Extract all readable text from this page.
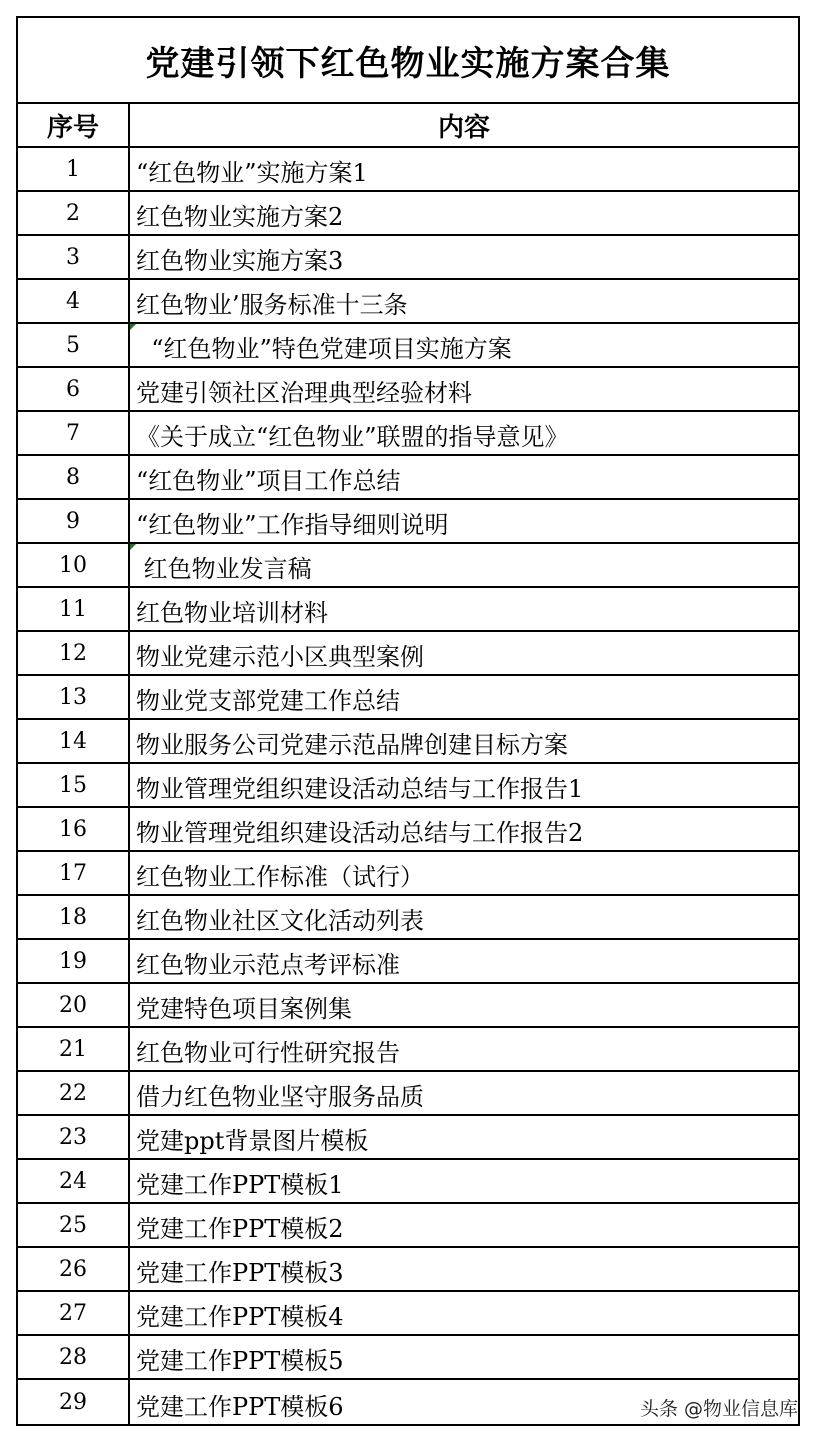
党建引领下红色物业实施方案合集
序号	内容
1	“红色物业”实施方案1
2	红色物业实施方案2
3	红色物业实施方案3
4	红色物业’服务标准十三条
5	“红色物业”特色党建项目实施方案
6	党建引领社区治理典型经验材料
7	《关于成立“红色物业”联盟的指导意见》
8	“红色物业”项目工作总结
9	“红色物业”工作指导细则说明
10	红色物业发言稿
11	红色物业培训材料
12	物业党建示范小区典型案例
13	物业党支部党建工作总结
14	物业服务公司党建示范品牌创建目标方案
15	物业管理党组织建设活动总结与工作报告1
16	物业管理党组织建设活动总结与工作报告2
17	红色物业工作标准（试行）
18	红色物业社区文化活动列表
19	红色物业示范点考评标准
20	党建特色项目案例集
21	红色物业可行性研究报告
22	借力红色物业坚守服务品质
23	党建ppt背景图片模板
24	党建工作PPT模板1
25	党建工作PPT模板2
26	党建工作PPT模板3
27	党建工作PPT模板4
28	党建工作PPT模板5
29	党建工作PPT模板6	头条 @物业信息库
